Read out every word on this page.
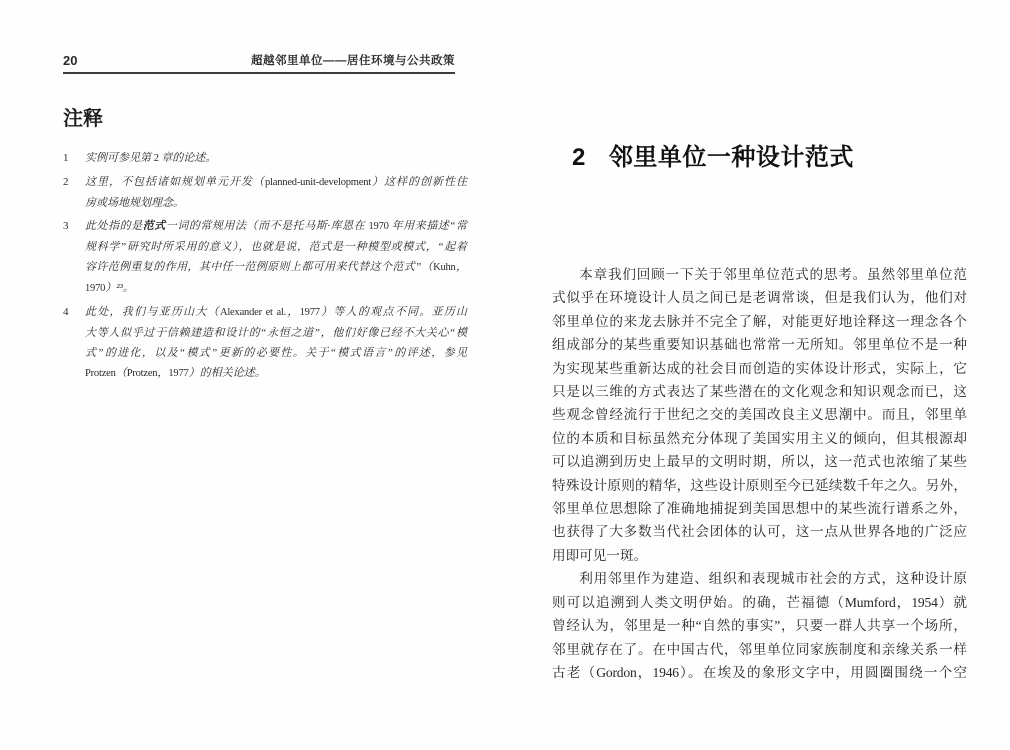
20	超越邻里单位——居住环境与公共政策
注释
1	实例可参见第 2 章的论述。
2	这里，不包括诸如规划单元开发（planned-unit-development）这样的创新性住
房或场地规划理念。
3	此处指的是范式一词的常规用法（而不是托马斯·库恩在 1970 年用来描述“常
规科学”研究时所采用的意义），也就是说，范式是一种模型或模式，“起着
容许范例重复的作用，其中任一范例原则上都可用来代替这个范式”（Kuhn，
1970）²³。
4	此处，我们与亚历山大（Alexander et al.，1977）等人的观点不同。亚历山
大等人似乎过于信赖建造和设计的“永恒之道”，他们好像已经不大关心“模
式”的进化，以及“模式”更新的必要性。关于“模式语言”的评述，参见
Protzen（Protzen，1977）的相关论述。
2 邻里单位一种设计范式
本章我们回顾一下关于邻里单位范式的思考。虽然邻里单位范
式似乎在环境设计人员之间已是老调常谈，但是我们认为，他们对
邻里单位的来龙去脉并不完全了解，对能更好地诠释这一理念各个
组成部分的某些重要知识基础也常常一无所知。邻里单位不是一种
为实现某些重新达成的社会目而创造的实体设计形式，实际上，它
只是以三维的方式表达了某些潜在的文化观念和知识观念而已，这
些观念曾经流行于世纪之交的美国改良主义思潮中。而且，邻里单
位的本质和目标虽然充分体现了美国实用主义的倾向，但其根源却
可以追溯到历史上最早的文明时期，所以，这一范式也浓缩了某些
特殊设计原则的精华，这些设计原则至今已延续数千年之久。另外，
邻里单位思想除了准确地捕捉到美国思想中的某些流行谱系之外，
也获得了大多数当代社会团体的认可，这一点从世界各地的广泛应
用即可见一斑。
利用邻里作为建造、组织和表现城市社会的方式，这种设计原
则可以追溯到人类文明伊始。的确，芒福德（Mumford，1954）就
曾经认为，邻里是一种“自然的事实”，只要一群人共享一个场所，
邻里就存在了。在中国古代，邻里单位同家族制度和亲缘关系一样
古老（Gordon，1946）。在埃及的象形文字中，用圆圈围绕一个空
